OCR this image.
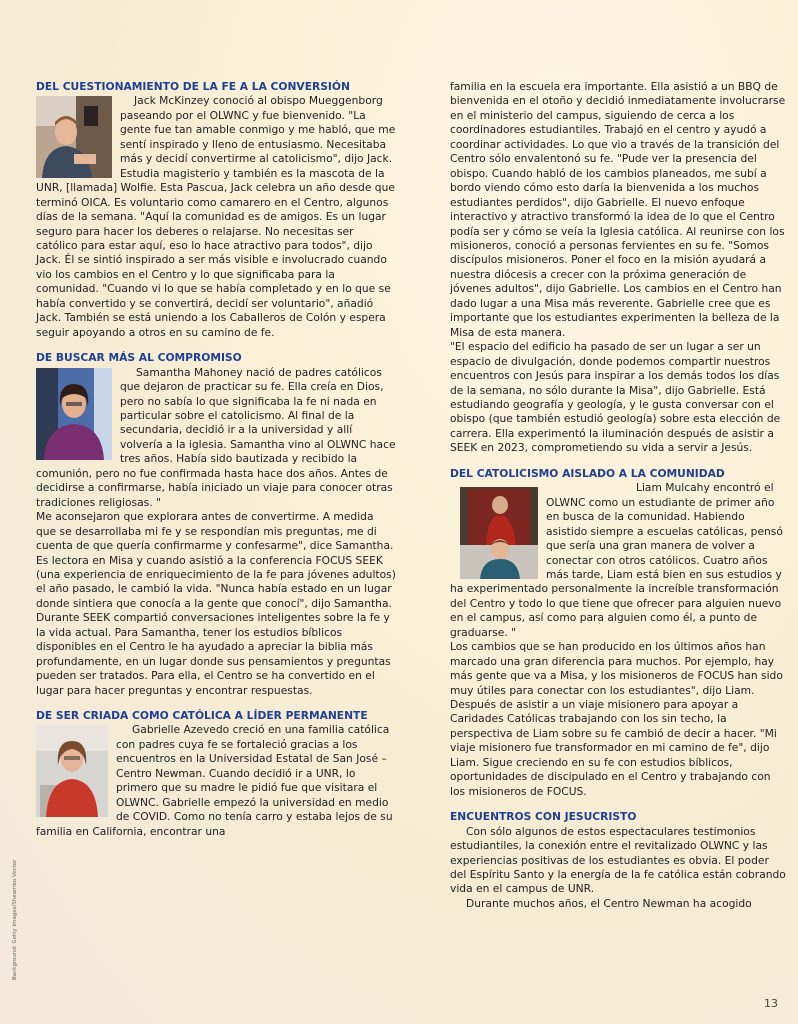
DEL CUESTIONAMIENTO DE LA FE A LA CONVERSIÓN

Jack McKinzey conoció al obispo Mueggenborg paseando por el OLWNC y fue bienvenido. "La gente fue tan amable conmigo y me habló, que me sentí inspirado y lleno de entusiasmo. Necesitaba más y decidí convertirme al catolicismo", dijo Jack. Estudia magisterio y también es la mascota de la UNR, [llamada] Wolfie. Esta Pascua, Jack celebra un año desde que terminó OICA. Es voluntario como camarero en el Centro, algunos días de la semana. "Aquí la comunidad es de amigos. Es un lugar seguro para hacer los deberes o relajarse. No necesitas ser católico para estar aquí, eso lo hace atractivo para todos", dijo Jack. Él se sintió inspirado a ser más visible e involucrado cuando vio los cambios en el Centro y lo que significaba para la comunidad. "Cuando vi lo que se había completado y en lo que se había convertido y se convertirá, decidí ser voluntario", añadió Jack. También se está uniendo a los Caballeros de Colón y espera seguir apoyando a otros en su camino de fe.

DE BUSCAR MÁS AL COMPROMISO

Samantha Mahoney nació de padres católicos que dejaron de practicar su fe. Ella creía en Dios, pero no sabía lo que significaba la fe ni nada en particular sobre el catolicismo. Al final de la secundaria, decidió ir a la universidad y allí volvería a la iglesia. Samantha vino al OLWNC hace tres años. Había sido bautizada y recibido la comunión, pero no fue confirmada hasta hace dos años. Antes de decidirse a confirmarse, había iniciado un viaje para conocer otras tradiciones religiosas. "

Me aconsejaron que explorara antes de convertirme. A medida que se desarrollaba mi fe y se respondían mis preguntas, me di cuenta de que quería confirmarme y confesarme", dice Samantha. Es lectora en Misa y cuando asistió a la conferencia FOCUS SEEK (una experiencia de enriquecimiento de la fe para jóvenes adultos) el año pasado, le cambió la vida. "Nunca había estado en un lugar donde sintiera que conocía a la gente que conocí", dijo Samantha. Durante SEEK compartió conversaciones inteligentes sobre la fe y la vida actual. Para Samantha, tener los estudios bíblicos disponibles en el Centro le ha ayudado a apreciar la biblia más profundamente, en un lugar donde sus pensamientos y preguntas pueden ser tratados. Para ella, el Centro se ha convertido en el lugar para hacer preguntas y encontrar respuestas.

DE SER CRIADA COMO CATÓLICA A LÍDER PERMANENTE

Gabrielle Azevedo creció en una familia católica con padres cuya fe se fortaleció gracias a los encuentros en la Universidad Estatal de San José – Centro Newman. Cuando decidió ir a UNR, lo primero que su madre le pidió fue que visitara el OLWNC. Gabrielle empezó la universidad en medio de COVID. Como no tenía carro y estaba lejos de su familia en California, encontrar una

familia en la escuela era importante. Ella asistió a un BBQ de bienvenida en el otoño y decidió inmediatamente involucrarse en el ministerio del campus, siguiendo de cerca a los coordinadores estudiantiles. Trabajó en el centro y ayudó a coordinar actividades. Lo que vio a través de la transición del Centro sólo envalentonó su fe. "Pude ver la presencia del obispo. Cuando habló de los cambios planeados, me subí a bordo viendo cómo esto daría la bienvenida a los muchos estudiantes perdidos", dijo Gabrielle. El nuevo enfoque interactivo y atractivo transformó la idea de lo que el Centro podía ser y cómo se veía la Iglesia católica. Al reunirse con los misioneros, conoció a personas fervientes en su fe. "Somos discípulos misioneros. Poner el foco en la misión ayudará a nuestra diócesis a crecer con la próxima generación de jóvenes adultos", dijo Gabrielle. Los cambios en el Centro han dado lugar a una Misa más reverente. Gabrielle cree que es importante que los estudiantes experimenten la belleza de la Misa de esta manera.

"El espacio del edificio ha pasado de ser un lugar a ser un espacio de divulgación, donde podemos compartir nuestros encuentros con Jesús para inspirar a los demás todos los días de la semana, no sólo durante la Misa", dijo Gabrielle. Está estudiando geografía y geología, y le gusta conversar con el obispo (que también estudió geología) sobre esta elección de carrera. Ella experimentó la iluminación después de asistir a SEEK en 2023, comprometiendo su vida a servir a Jesús.

DEL CATOLICISMO AISLADO A LA COMUNIDAD

Liam Mulcahy encontró el OLWNC como un estudiante de primer año en busca de la comunidad. Habiendo asistido siempre a escuelas católicas, pensó que sería una gran manera de volver a conectar con otros católicos. Cuatro años más tarde, Liam está bien en sus estudios y ha experimentado personalmente la increíble transformación del Centro y todo lo que tiene que ofrecer para alguien nuevo en el campus, así como para alguien como él, a punto de graduarse. "

Los cambios que se han producido en los últimos años han marcado una gran diferencia para muchos. Por ejemplo, hay más gente que va a Misa, y los misioneros de FOCUS han sido muy útiles para conectar con los estudiantes", dijo Liam. Después de asistir a un viaje misionero para apoyar a Caridades Católicas trabajando con los sin techo, la perspectiva de Liam sobre su fe cambió de decir a hacer. "Mi viaje misionero fue transformador en mi camino de fe", dijo Liam. Sigue creciendo en su fe con estudios bíblicos, oportunidades de discipulado en el Centro y trabajando con los misioneros de FOCUS.

ENCUENTROS CON JESUCRISTO

Con sólo algunos de estos espectaculares testimonios estudiantiles, la conexión entre el revitalizado OLWNC y las experiencias positivas de los estudiantes es obvia. El poder del Espíritu Santo y la energía de la fe católica están cobrando vida en el campus de UNR.

Durante muchos años, el Centro Newman ha acogido

Background: Getty Images/Sheambo Vector
13
